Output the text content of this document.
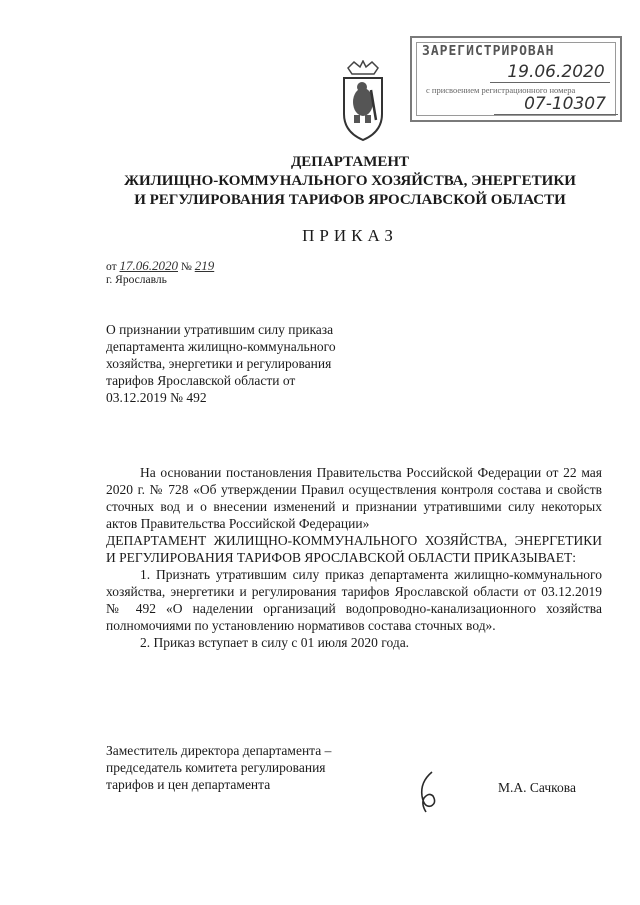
ЗАРЕГИСТРИРОВАН
19.06.2020
с присвоением регистрационного номера
07-10307
ДЕПАРТАМЕНТ
ЖИЛИЩНО-КОММУНАЛЬНОГО ХОЗЯЙСТВА, ЭНЕРГЕТИКИ
И РЕГУЛИРОВАНИЯ ТАРИФОВ ЯРОСЛАВСКОЙ ОБЛАСТИ
ПРИКАЗ
от 17.06.2020 № 219
г. Ярославль
О признании утратившим силу приказа департамента жилищно-коммунального хозяйства, энергетики и регулирования тарифов Ярославской области от 03.12.2019 № 492

На основании постановления Правительства Российской Федерации от 22 мая 2020 г. № 728 «Об утверждении Правил осуществления контроля состава и свойств сточных вод и о внесении изменений и признании утратившими силу некоторых актов Правительства Российской Федерации»

ДЕПАРТАМЕНТ ЖИЛИЩНО-КОММУНАЛЬНОГО ХОЗЯЙСТВА, ЭНЕРГЕТИКИ И РЕГУЛИРОВАНИЯ ТАРИФОВ ЯРОСЛАВСКОЙ ОБЛАСТИ ПРИКАЗЫВАЕТ:

1. Признать утратившим силу приказ департамента жилищно-коммунального хозяйства, энергетики и регулирования тарифов Ярославской области от 03.12.2019 № 492 «О наделении организаций водопроводно-канализационного хозяйства полномочиями по установлению нормативов состава сточных вод».

2. Приказ вступает в силу с 01 июля 2020 года.

Заместитель директора департамента –
председатель комитета регулирования
тарифов и цен департамента	М.А. Сачкова
